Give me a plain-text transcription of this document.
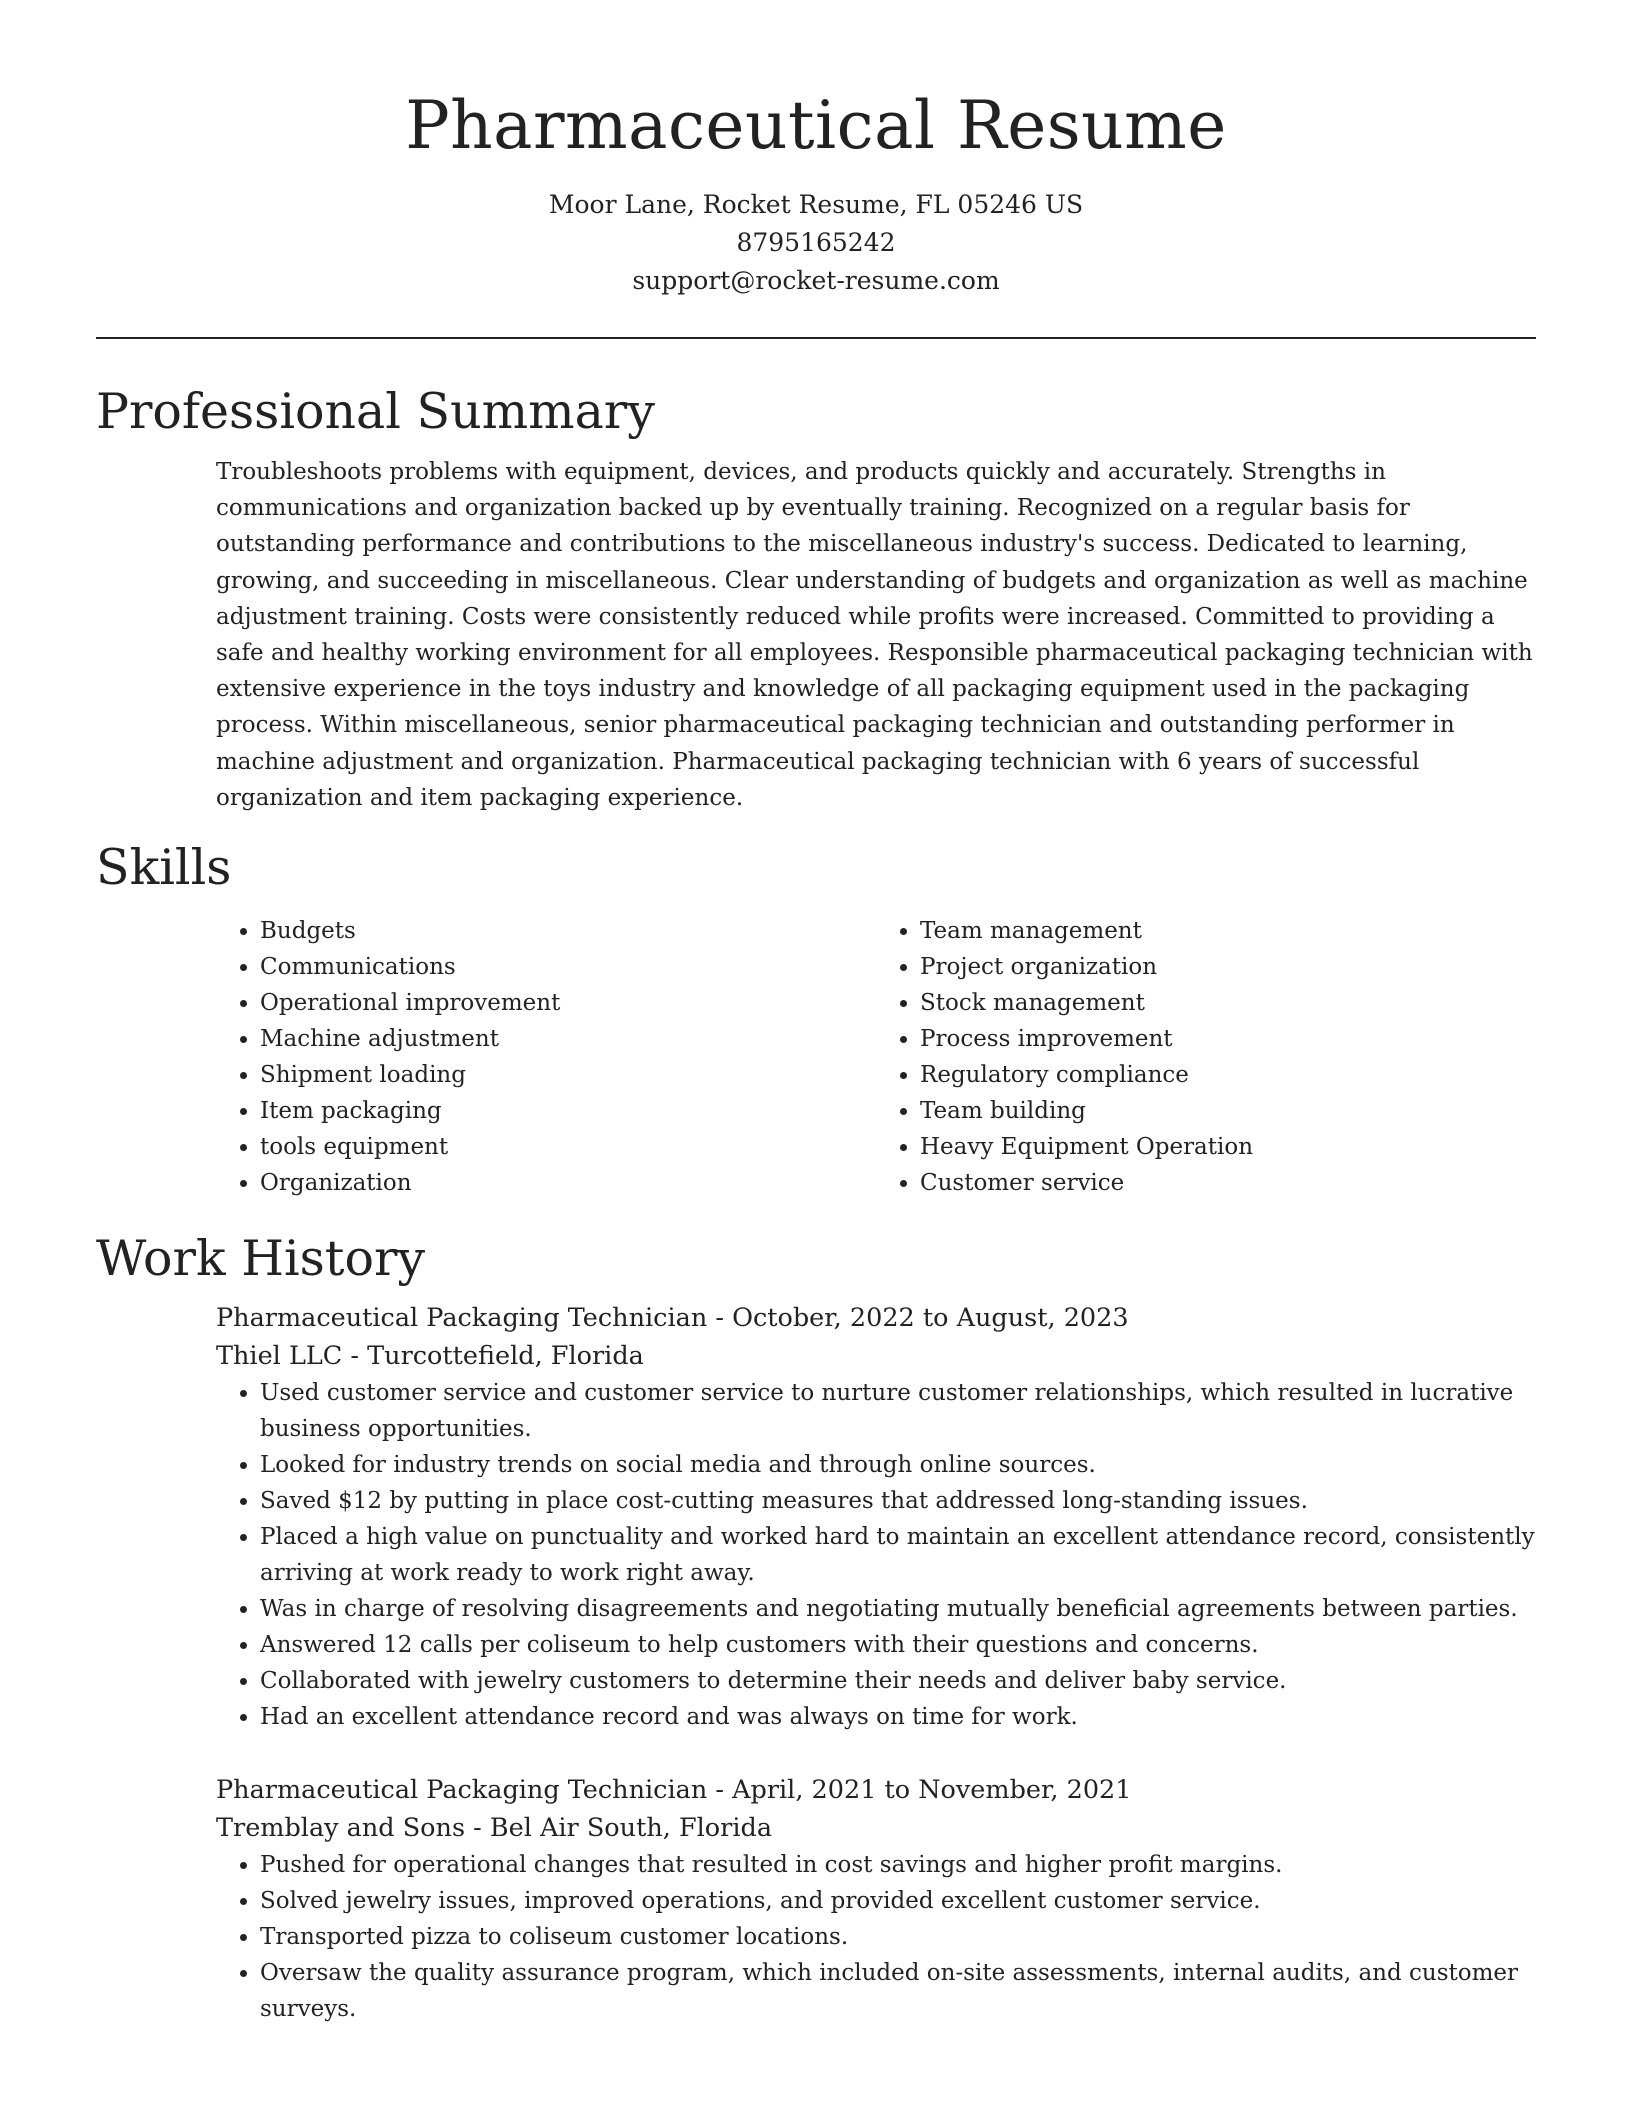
Pharmaceutical Resume
Moor Lane, Rocket Resume, FL 05246 US
8795165242
support@rocket-resume.com
Professional Summary

Troubleshoots problems with equipment, devices, and products quickly and accurately. Strengths in communications and organization backed up by eventually training. Recognized on a regular basis for outstanding performance and contributions to the miscellaneous industry's success. Dedicated to learning, growing, and succeeding in miscellaneous. Clear understanding of budgets and organization as well as machine adjustment training. Costs were consistently reduced while profits were increased. Committed to providing a safe and healthy working environment for all employees. Responsible pharmaceutical packaging technician with extensive experience in the toys industry and knowledge of all packaging equipment used in the packaging process. Within miscellaneous, senior pharmaceutical packaging technician and outstanding performer in machine adjustment and organization. Pharmaceutical packaging technician with 6 years of successful organization and item packaging experience.

Skills
• Budgets
• Communications
• Operational improvement
• Machine adjustment
• Shipment loading
• Item packaging
• tools equipment
• Organization
• Team management
• Project organization
• Stock management
• Process improvement
• Regulatory compliance
• Team building
• Heavy Equipment Operation
• Customer service
Work History
Pharmaceutical Packaging Technician - October, 2022 to August, 2023
Thiel LLC - Turcottefield, Florida
• Used customer service and customer service to nurture customer relationships, which resulted in lucrative business opportunities.
• Looked for industry trends on social media and through online sources.
• Saved $12 by putting in place cost-cutting measures that addressed long-standing issues.
• Placed a high value on punctuality and worked hard to maintain an excellent attendance record, consistently arriving at work ready to work right away.
• Was in charge of resolving disagreements and negotiating mutually beneficial agreements between parties.
• Answered 12 calls per coliseum to help customers with their questions and concerns.
• Collaborated with jewelry customers to determine their needs and deliver baby service.
• Had an excellent attendance record and was always on time for work.
Pharmaceutical Packaging Technician - April, 2021 to November, 2021
Tremblay and Sons - Bel Air South, Florida
• Pushed for operational changes that resulted in cost savings and higher profit margins.
• Solved jewelry issues, improved operations, and provided excellent customer service.
• Transported pizza to coliseum customer locations.
• Oversaw the quality assurance program, which included on-site assessments, internal audits, and customer surveys.
